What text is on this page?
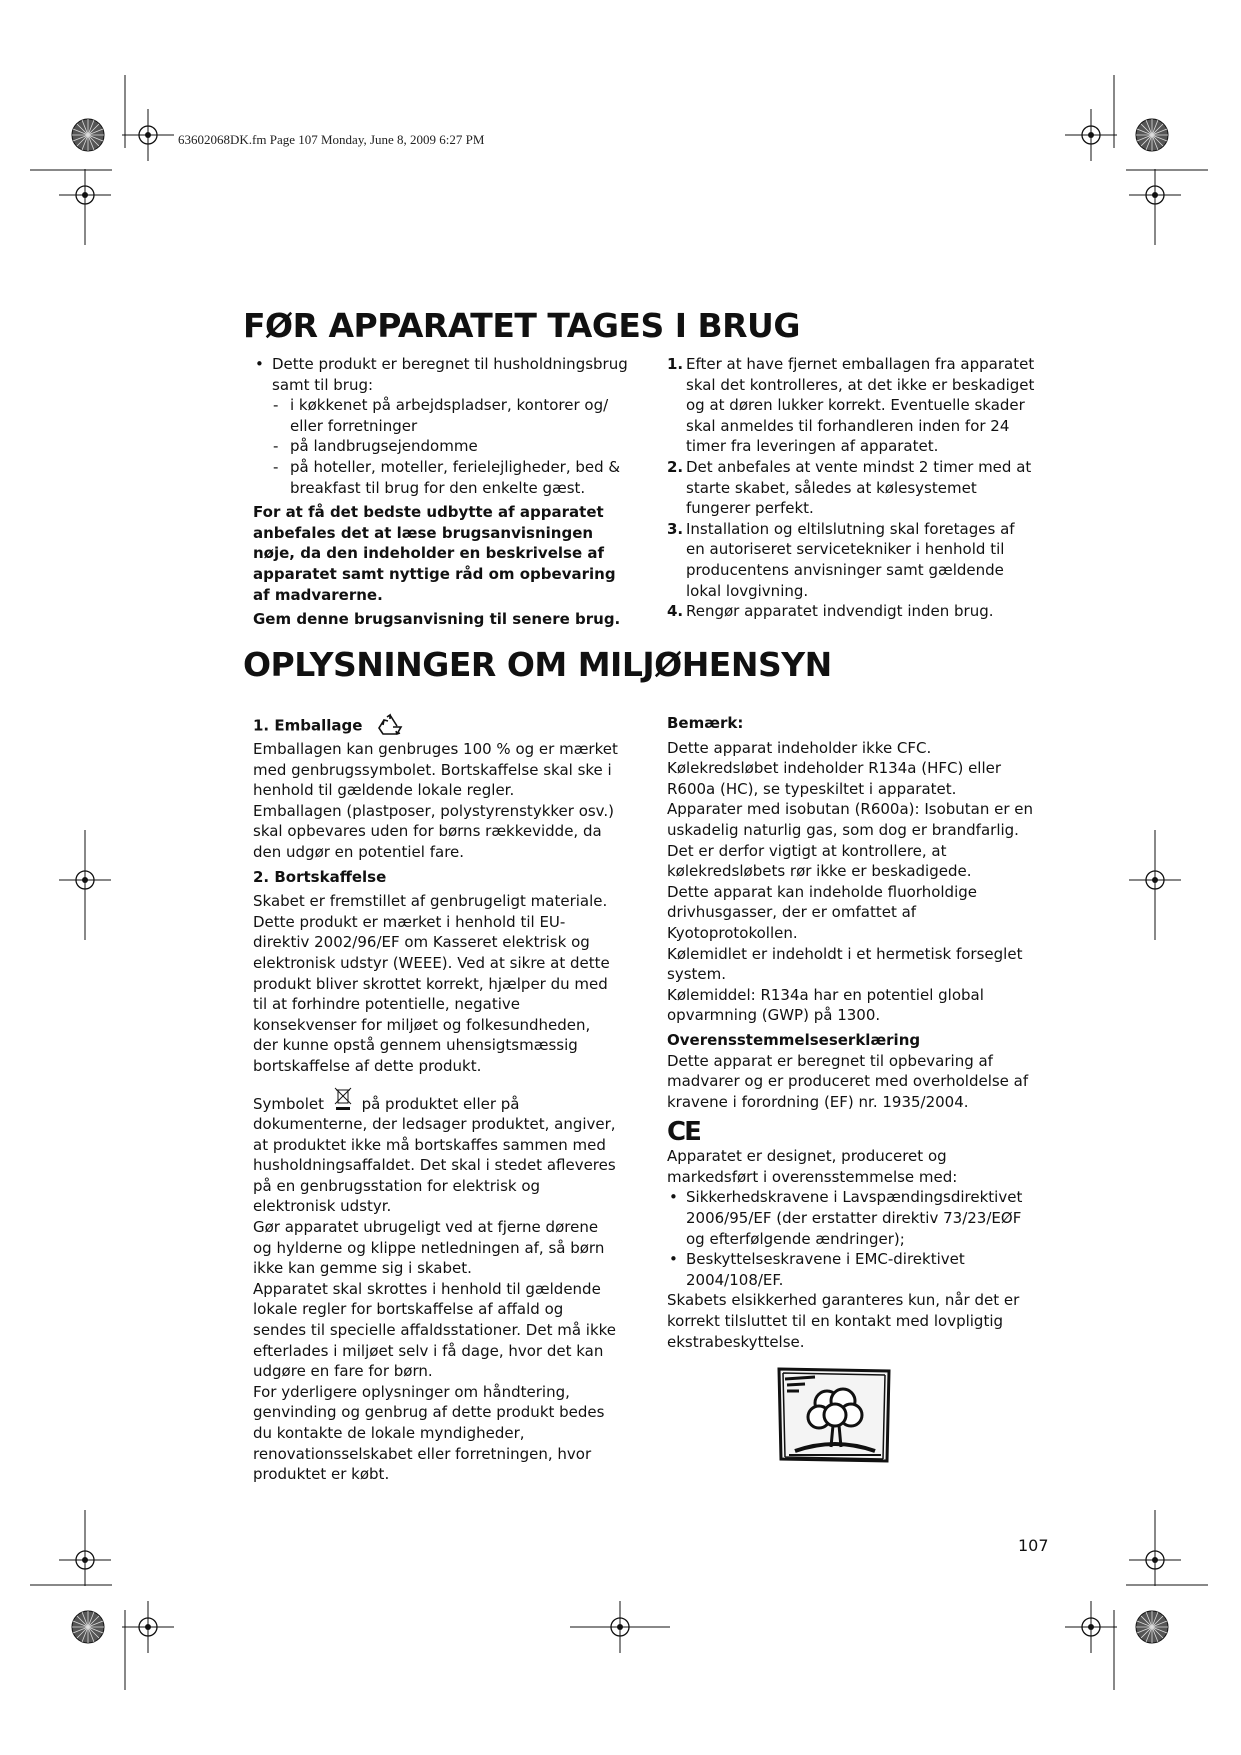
63602068DK.fm Page 107 Monday, June 8, 2009 6:27 PM
FØR APPARATET TAGES I BRUG
• Dette produkt er beregnet til husholdningsbrug samt til brug:
- i køkkenet på arbejdspladser, kontorer og/ eller forretninger
- på landbrugsejendomme
- på hoteller, moteller, ferielejligheder, bed & breakfast til brug for den enkelte gæst.

For at få det bedste udbytte af apparatet anbefales det at læse brugsanvisningen nøje, da den indeholder en beskrivelse af apparatet samt nyttige råd om opbevaring af madvarerne.

Gem denne brugsanvisning til senere brug.

1. Efter at have fjernet emballagen fra apparatet skal det kontrolleres, at det ikke er beskadiget og at døren lukker korrekt. Eventuelle skader skal anmeldes til forhandleren inden for 24 timer fra leveringen af apparatet.
2. Det anbefales at vente mindst 2 timer med at starte skabet, således at kølesystemet fungerer perfekt.
3. Installation og eltilslutning skal foretages af en autoriseret servicetekniker i henhold til producentens anvisninger samt gældende lokal lovgivning.
4. Rengør apparatet indvendigt inden brug.
OPLYSNINGER OM MILJØHENSYN

1. Emballage

Emballagen kan genbruges 100 % og er mærket med genbrugssymbolet. Bortskaffelse skal ske i henhold til gældende lokale regler.

Emballagen (plastposer, polystyrenstykker osv.) skal opbevares uden for børns rækkevidde, da den udgør en potentiel fare.

2. Bortskaffelse

Skabet er fremstillet af genbrugeligt materiale.

Dette produkt er mærket i henhold til EU-direktiv 2002/96/EF om Kasseret elektrisk og elektronisk udstyr (WEEE). Ved at sikre at dette produkt bliver skrottet korrekt, hjælper du med til at forhindre potentielle, negative konsekvenser for miljøet og folkesundheden, der kunne opstå gennem uhensigtsmæssig bortskaffelse af dette produkt.

Symbolet	på produktet eller på dokumenterne, der ledsager produktet, angiver, at produktet ikke må bortskaffes sammen med husholdningsaffaldet. Det skal i stedet afleveres på en genbrugsstation for elektrisk og elektronisk udstyr.

Gør apparatet ubrugeligt ved at fjerne dørene og hylderne og klippe netledningen af, så børn ikke kan gemme sig i skabet.

Apparatet skal skrottes i henhold til gældende lokale regler for bortskaffelse af affald og sendes til specielle affaldsstationer. Det må ikke efterlades i miljøet selv i få dage, hvor det kan udgøre en fare for børn.

For yderligere oplysninger om håndtering, genvinding og genbrug af dette produkt bedes du kontakte de lokale myndigheder, renovationsselskabet eller forretningen, hvor produktet er købt.

Bemærk:

Dette apparat indeholder ikke CFC.

Kølekredsløbet indeholder R134a (HFC) eller R600a (HC), se typeskiltet i apparatet.

Apparater med isobutan (R600a): Isobutan er en uskadelig naturlig gas, som dog er brandfarlig. Det er derfor vigtigt at kontrollere, at kølekredsløbets rør ikke er beskadigede.

Dette apparat kan indeholde fluorholdige drivhusgasser, der er omfattet af Kyotoprotokollen.

Kølemidlet er indeholdt i et hermetisk forseglet system.

Kølemiddel: R134a har en potentiel global opvarmning (GWP) på 1300.

Overensstemmelseserklæring

Dette apparat er beregnet til opbevaring af madvarer og er produceret med overholdelse af kravene i forordning (EF) nr. 1935/2004.

CE

Apparatet er designet, produceret og markedsført i overensstemmelse med:

• Sikkerhedskravene i Lavspændingsdirektivet 2006/95/EF (der erstatter direktiv 73/23/EØF og efterfølgende ændringer);
• Beskyttelseskravene i EMC-direktivet 2004/108/EF.

Skabets elsikkerhed garanteres kun, når det er korrekt tilsluttet til en kontakt med lovpligtig ekstrabeskyttelse.

107
